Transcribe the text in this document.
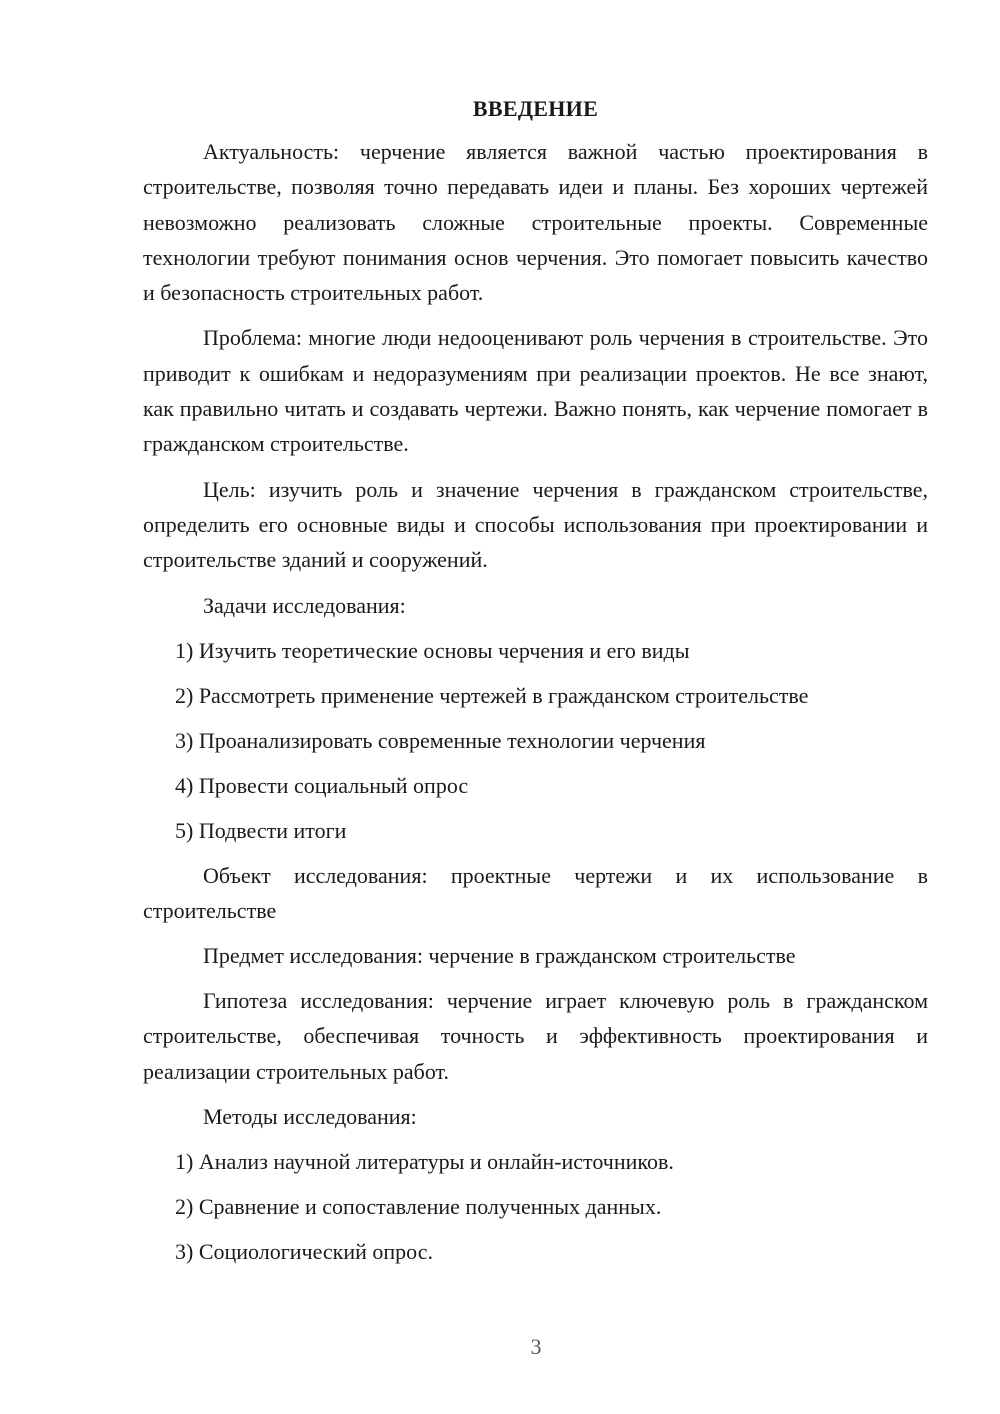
ВВЕДЕНИЕ

Актуальность: черчение является важной частью проектирования в строительстве, позволяя точно передавать идеи и планы. Без хороших чертежей невозможно реализовать сложные строительные проекты. Современные технологии требуют понимания основ черчения. Это помогает повысить качество и безопасность строительных работ.

Проблема: многие люди недооценивают роль черчения в строительстве. Это приводит к ошибкам и недоразумениям при реализации проектов. Не все знают, как правильно читать и создавать чертежи. Важно понять, как черчение помогает в гражданском строительстве.

Цель: изучить роль и значение черчения в гражданском строительстве, определить его основные виды и способы использования при проектировании и строительстве зданий и сооружений.

Задачи исследования:
1) Изучить теоретические основы черчения и его виды
2) Рассмотреть применение чертежей в гражданском строительстве
3) Проанализировать современные технологии черчения
4) Провести социальный опрос
5) Подвести итоги

Объект исследования: проектные чертежи и их использование в строительстве

Предмет исследования: черчение в гражданском строительстве

Гипотеза исследования: черчение играет ключевую роль в гражданском строительстве, обеспечивая точность и эффективность проектирования и реализации строительных работ.

Методы исследования:
1) Анализ научной литературы и онлайн-источников.
2) Сравнение и сопоставление полученных данных.
3) Социологический опрос.
3
